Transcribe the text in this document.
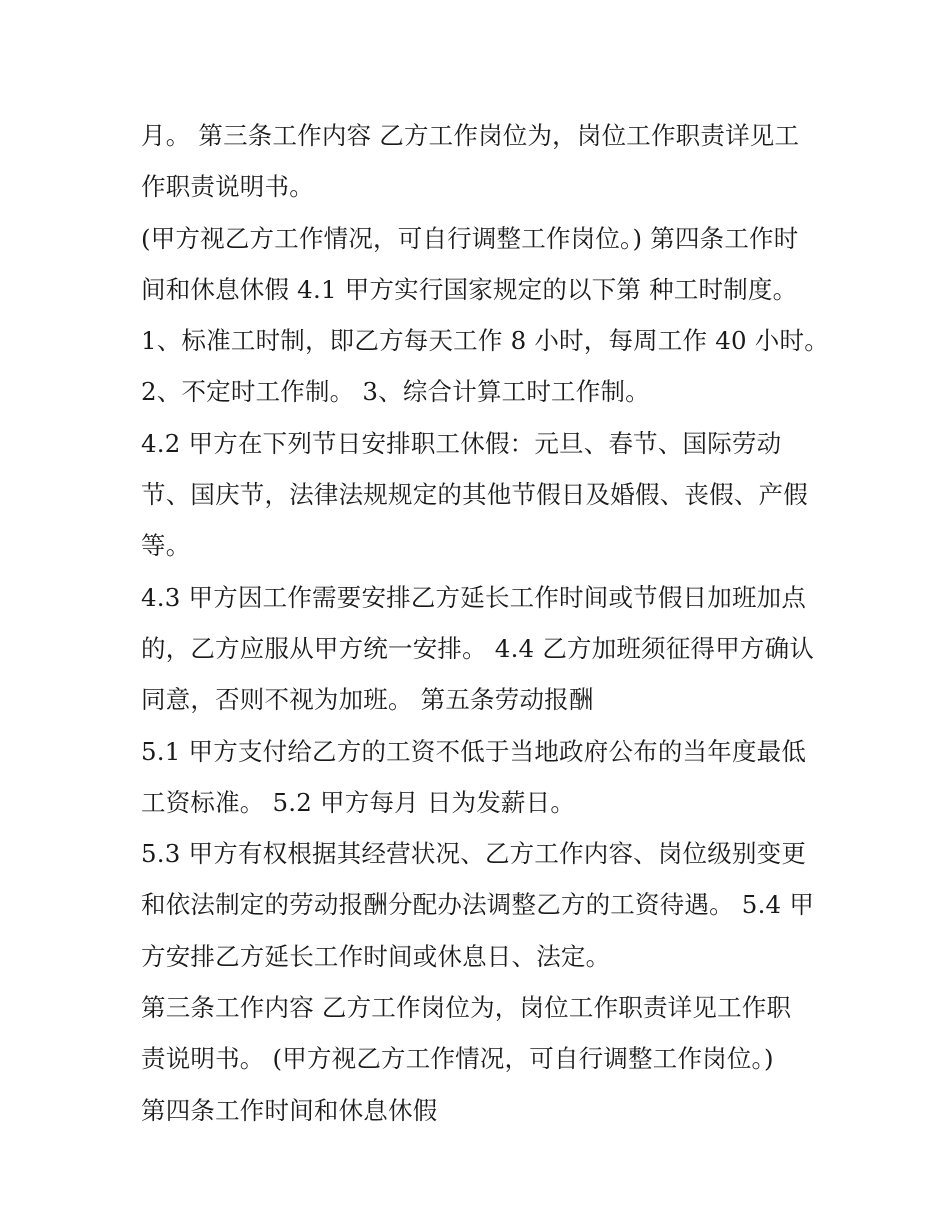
月。 第三条工作内容 乙方工作岗位为，岗位工作职责详见工
作职责说明书。
(甲方视乙方工作情况，可自行调整工作岗位。) 第四条工作时
间和休息休假 4.1 甲方实行国家规定的以下第 种工时制度。
1、标准工时制，即乙方每天工作 8 小时，每周工作 40 小时。
2、不定时工作制。 3、综合计算工时工作制。
4.2 甲方在下列节日安排职工休假：元旦、春节、国际劳动
节、国庆节，法律法规规定的其他节假日及婚假、丧假、产假
等。
4.3 甲方因工作需要安排乙方延长工作时间或节假日加班加点
的，乙方应服从甲方统一安排。 4.4 乙方加班须征得甲方确认
同意，否则不视为加班。 第五条劳动报酬
5.1 甲方支付给乙方的工资不低于当地政府公布的当年度最低
工资标准。 5.2 甲方每月 日为发薪日。
5.3 甲方有权根据其经营状况、乙方工作内容、岗位级别变更
和依法制定的劳动报酬分配办法调整乙方的工资待遇。 5.4 甲
方安排乙方延长工作时间或休息日、法定。
第三条工作内容 乙方工作岗位为，岗位工作职责详见工作职
责说明书。 (甲方视乙方工作情况，可自行调整工作岗位。)
第四条工作时间和休息休假
